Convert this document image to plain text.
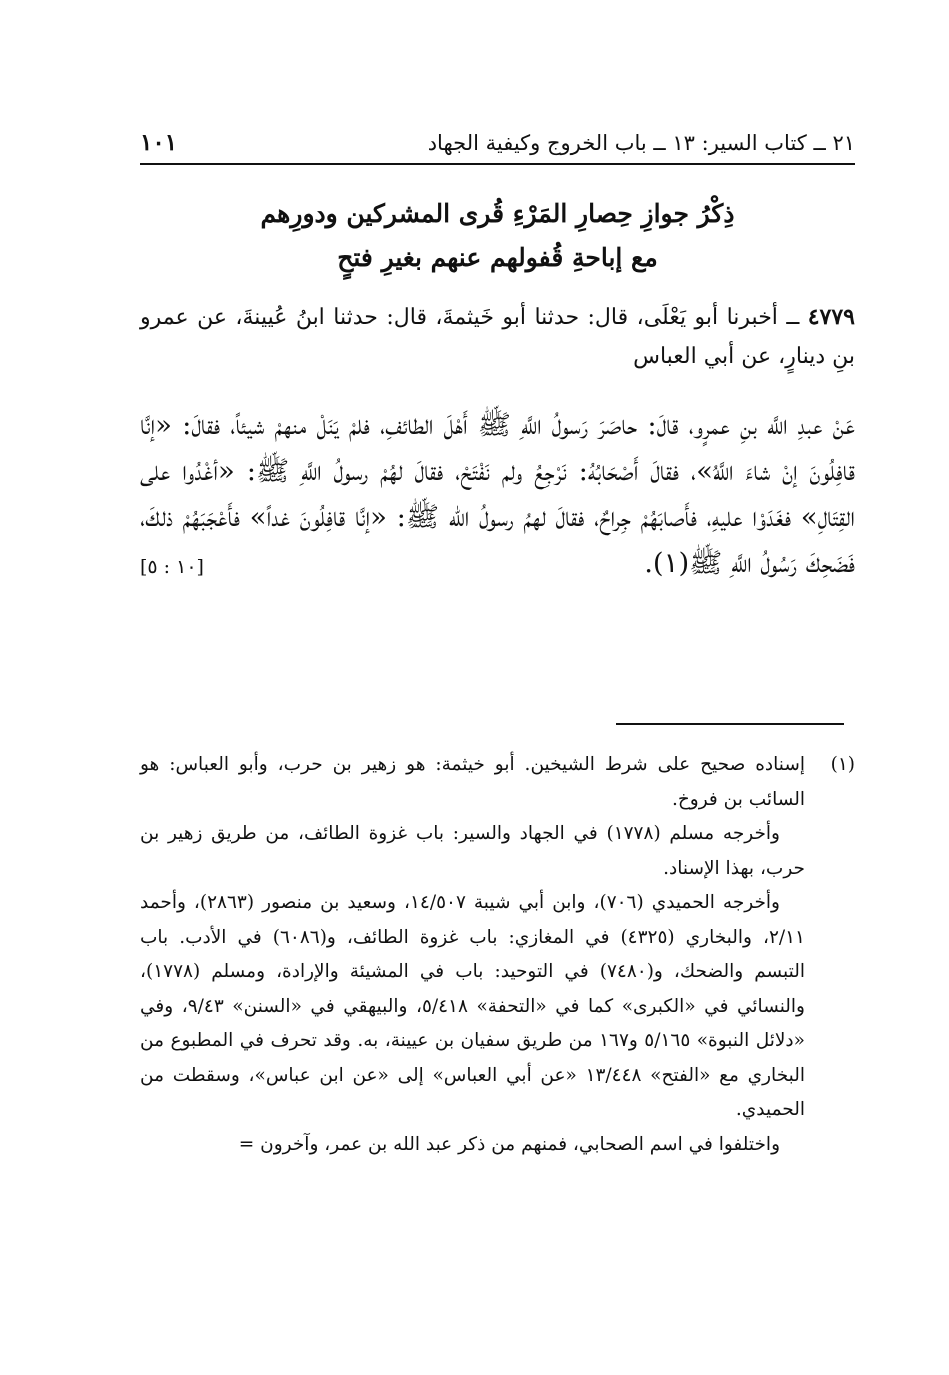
٢١ ــ كتاب السير: ١٣ ــ باب الخروج وكيفية الجهاد
١٠١
ذِكْرُ جوازِ حِصارِ المَرْءِ قُرى المشركين ودورِهم
مع إباحةِ قُفولهم عنهم بغيرِ فتحٍ
٤٧٧٩ ــ أخبرنا أبو يَعْلَى، قال: حدثنا أبو خَيثمةَ، قال: حدثنا ابنُ عُيينةَ، عن عمرو بنِ دينارٍ، عن أبي العباس
عَنْ عبدِ اللَّه بنِ عمرٍو، قالَ: حاصَرَ رَسولُ اللَّهِ ﷺ أَهْلَ الطائفِ، فلمْ يَنَلْ منهمْ شيئاً، فقالَ: «إنَّا قافِلُونَ إنْ شاءَ اللَّهُ»، فقالَ أَصْحَابُهُ: نَرْجِعُ ولم نَفْتَحْ، فقالَ لهُمْ رسولُ اللَّهِ ﷺ: «أغْدُوا على القِتَالِ» فغَدَوْا عليهِ، فأَصابَهُمْ جِراحٌ، فقالَ لهمُ رسولُ الله ﷺ: «إنَّا قافِلُونَ غداً» فأَعْجَبَهُمْ ذلكَ، فَضَحِكَ رَسُولُ اللَّهِ ﷺ(١).
[١٠ : ٥]
(١)

إسناده صحيح على شرط الشيخين. أبو خيثمة: هو زهير بن حرب، وأبو العباس: هو السائب بن فروخ.

وأخرجه مسلم (١٧٧٨) في الجهاد والسير: باب غزوة الطائف، من طريق زهير بن حرب، بهذا الإسناد.

وأخرجه الحميدي (٧٠٦)، وابن أبي شيبة ١٤/٥٠٧، وسعيد بن منصور (٢٨٦٣)، وأحمد ٢/١١، والبخاري (٤٣٢٥) في المغازي: باب غزوة الطائف، و(٦٠٨٦) في الأدب. باب التبسم والضحك، و(٧٤٨٠) في التوحيد: باب في المشيئة والإرادة، ومسلم (١٧٧٨)، والنسائي في «الكبرى» كما في «التحفة» ٥/٤١٨، والبيهقي في «السنن» ٩/٤٣، وفي «دلائل النبوة» ٥/١٦٥ و١٦٧ من طريق سفيان بن عيينة، به. وقد تحرف في المطبوع من البخاري مع «الفتح» ١٣/٤٤٨ «عن أبي العباس» إلى «عن ابن عباس»، وسقطت من الحميدي.

واختلفوا في اسم الصحابي، فمنهم من ذكر عبد الله بن عمر، وآخرون =
